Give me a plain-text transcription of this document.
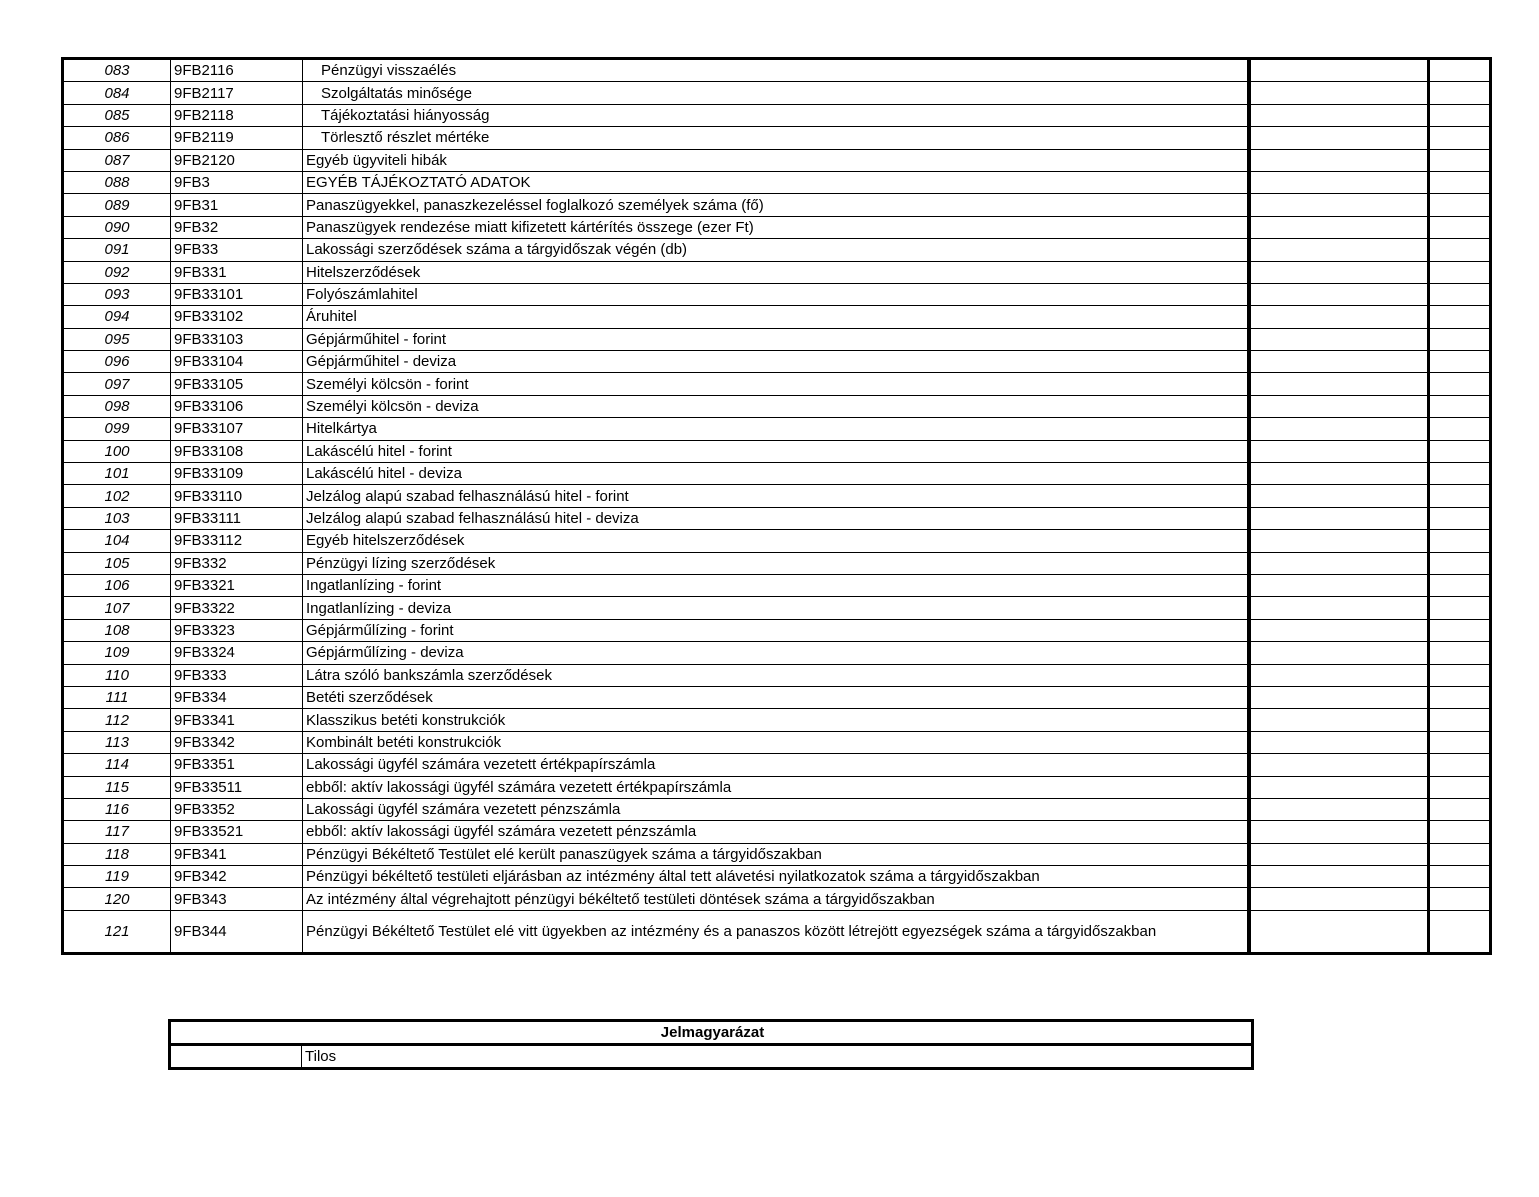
083	9FB2116	Pénzügyi visszaélés		
084	9FB2117	Szolgáltatás minősége		
085	9FB2118	Tájékoztatási hiányosság		
086	9FB2119	Törlesztő részlet mértéke		
087	9FB2120	Egyéb ügyviteli hibák		
088	9FB3	EGYÉB TÁJÉKOZTATÓ ADATOK		
089	9FB31	Panaszügyekkel, panaszkezeléssel foglalkozó személyek száma (fő)		
090	9FB32	Panaszügyek rendezése miatt kifizetett kártérítés összege (ezer Ft)		
091	9FB33	Lakossági szerződések száma a tárgyidőszak végén (db)		
092	9FB331	Hitelszerződések		
093	9FB33101	Folyószámlahitel		
094	9FB33102	Áruhitel		
095	9FB33103	Gépjárműhitel - forint		
096	9FB33104	Gépjárműhitel - deviza		
097	9FB33105	Személyi kölcsön - forint		
098	9FB33106	Személyi kölcsön - deviza		
099	9FB33107	Hitelkártya		
100	9FB33108	Lakáscélú hitel - forint		
101	9FB33109	Lakáscélú hitel - deviza		
102	9FB33110	Jelzálog alapú szabad felhasználású hitel - forint		
103	9FB33111	Jelzálog alapú szabad felhasználású hitel - deviza		
104	9FB33112	Egyéb hitelszerződések		
105	9FB332	Pénzügyi lízing szerződések		
106	9FB3321	Ingatlanlízing - forint		
107	9FB3322	Ingatlanlízing - deviza		
108	9FB3323	Gépjárműlízing - forint		
109	9FB3324	Gépjárműlízing - deviza		
110	9FB333	Látra szóló bankszámla szerződések		
111	9FB334	Betéti szerződések		
112	9FB3341	Klasszikus betéti konstrukciók		
113	9FB3342	Kombinált betéti konstrukciók		
114	9FB3351	Lakossági ügyfél számára vezetett értékpapírszámla		
115	9FB33511	ebből: aktív lakossági ügyfél számára vezetett értékpapírszámla		
116	9FB3352	Lakossági ügyfél számára vezetett pénzszámla		
117	9FB33521	ebből: aktív lakossági ügyfél számára vezetett pénzszámla		
118	9FB341	Pénzügyi Békéltető Testület elé került panaszügyek száma a tárgyidőszakban		
119	9FB342	Pénzügyi békéltető testületi eljárásban az intézmény által tett alávetési nyilatkozatok száma a tárgyidőszakban		
120	9FB343	Az intézmény által végrehajtott pénzügyi békéltető testületi döntések száma a tárgyidőszakban		
121	9FB344	Pénzügyi Békéltető Testület elé vitt ügyekben az intézmény és a panaszos között létrejött egyezségek száma a tárgyidőszakban		
Jelmagyarázat
	Tilos
